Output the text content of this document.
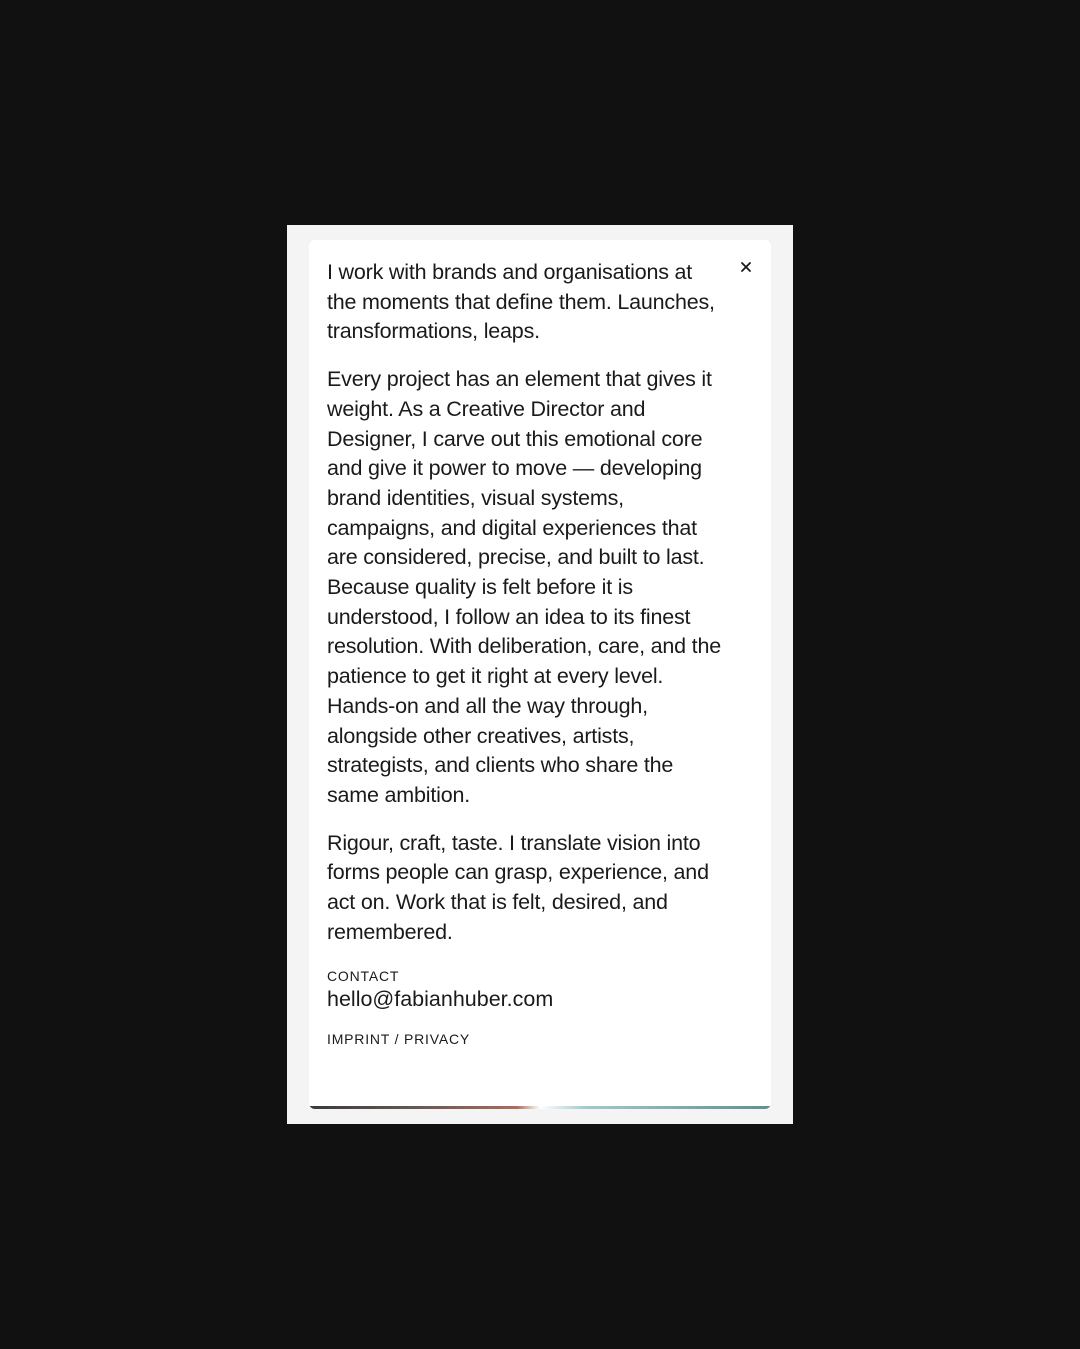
I work with brands and organisations at the moments that define them. Launches, transformations, leaps.

Every project has an element that gives it weight. As a Creative Director and Designer, I carve out this emotional core and give it power to move — developing brand identities, visual systems, campaigns, and digital experiences that are considered, precise, and built to last. Because quality is felt before it is understood, I follow an idea to its finest resolution. With deliberation, care, and the patience to get it right at every level. Hands-on and all the way through, alongside other creatives, artists, strategists, and clients who share the same ambition.

Rigour, craft, taste. I translate vision into forms people can grasp, experience, and act on. Work that is felt, desired, and remembered.

CONTACT

hello@fabianhuber.com
IMPRINT / PRIVACY
